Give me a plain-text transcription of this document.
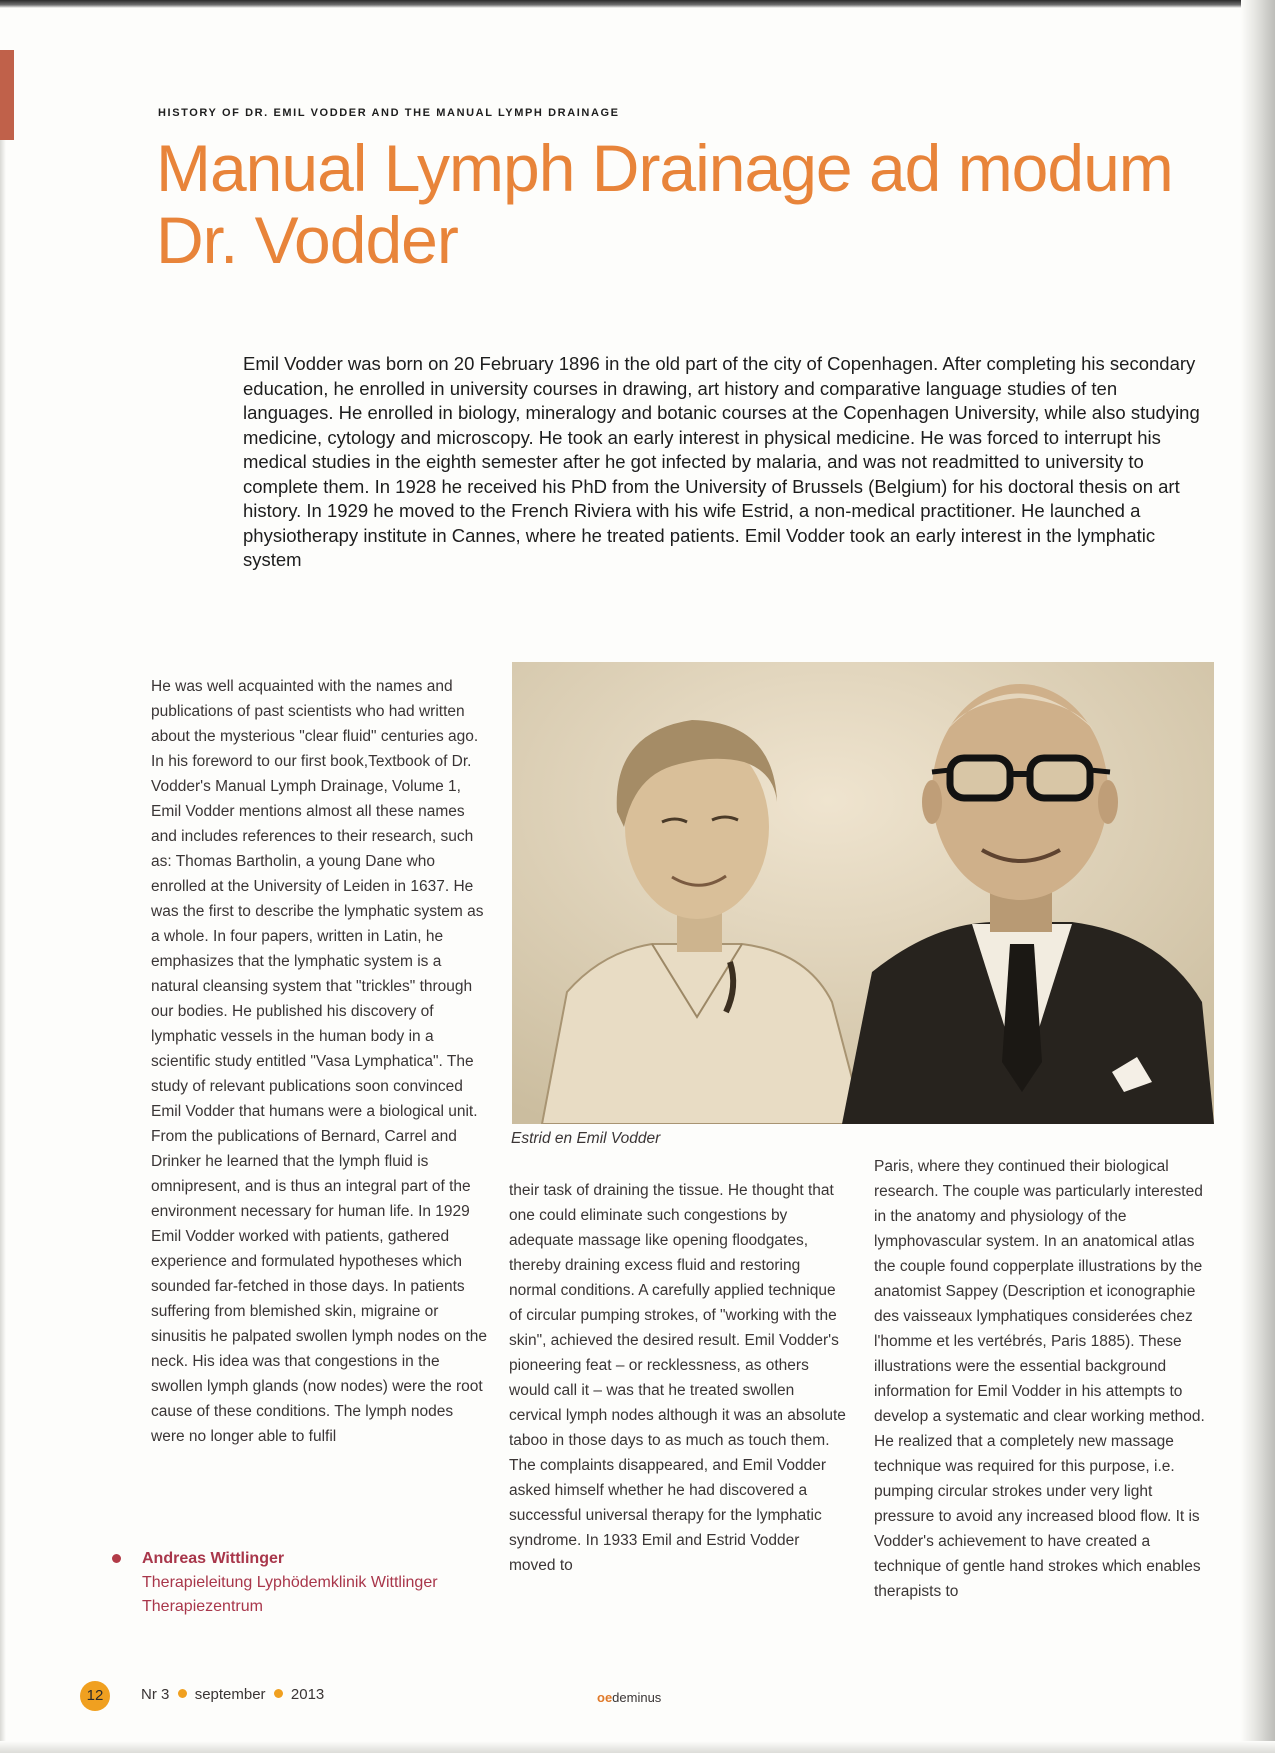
HISTORY OF DR. EMIL VODDER AND THE MANUAL LYMPH DRAINAGE
Manual Lymph Drainage ad modum Dr. Vodder

Emil Vodder was born on 20 February 1896 in the old part of the city of Copenhagen. After completing his secondary education, he enrolled in university courses in drawing, art history and comparative language studies of ten languages. He enrolled in biology, mineralogy and botanic courses at the Copenhagen University, while also studying medicine, cytology and microscopy. He took an early interest in physical medicine. He was forced to interrupt his medical studies in the eighth semester after he got infected by malaria, and was not readmitted to university to complete them. In 1928 he received his PhD from the University of Brussels (Belgium) for his doctoral thesis on art history. In 1929 he moved to the French Riviera with his wife Estrid, a non-medical practitioner. He launched a physiotherapy institute in Cannes, where he treated patients. Emil Vodder took an early interest in the lymphatic system

He was well acquainted with the names and publications of past scientists who had written about the mysterious "clear fluid" centuries ago. In his foreword to our first book,Textbook of Dr. Vodder's Manual Lymph Drainage, Volume 1, Emil Vodder mentions almost all these names and includes references to their research, such as: Thomas Bartholin, a young Dane who enrolled at the University of Leiden in 1637. He was the first to describe the lymphatic system as a whole. In four papers, written in Latin, he emphasizes that the lymphatic system is a natural cleansing system that "trickles" through our bodies. He published his discovery of lymphatic vessels in the human body in a scientific study entitled "Vasa Lymphatica". The study of relevant publications soon convinced Emil Vodder that humans were a biological unit. From the publications of Bernard, Carrel and Drinker he learned that the lymph fluid is omnipresent, and is thus an integral part of the environment necessary for human life. In 1929 Emil Vodder worked with patients, gathered experience and formulated hypotheses which sounded far-fetched in those days. In patients suffering from blemished skin, migraine or sinusitis he palpated swollen lymph nodes on the neck. His idea was that congestions in the swollen lymph glands (now nodes) were the root cause of these conditions. The lymph nodes were no longer able to fulfil

Estrid en Emil Vodder

their task of draining the tissue. He thought that one could eliminate such congestions by adequate massage like opening floodgates, thereby draining excess fluid and restoring normal conditions. A carefully applied technique of circular pumping strokes, of "working with the skin", achieved the desired result. Emil Vodder's pioneering feat – or recklessness, as others would call it – was that he treated swollen cervical lymph nodes although it was an absolute taboo in those days to as much as touch them. The complaints disappeared, and Emil Vodder asked himself whether he had discovered a successful universal therapy for the lymphatic syndrome. In 1933 Emil and Estrid Vodder moved to

Paris, where they continued their biological research. The couple was particularly interested in the anatomy and physiology of the lymphovascular system. In an anatomical atlas the couple found copperplate illustrations by the anatomist Sappey (Description et iconographie des vaisseaux lymphatiques considerées chez l'homme et les vertébrés, Paris 1885). These illustrations were the essential background information for Emil Vodder in his attempts to develop a systematic and clear working method. He realized that a completely new massage technique was required for this purpose, i.e. pumping circular strokes under very light pressure to avoid any increased blood flow. It is Vodder's achievement to have created a technique of gentle hand strokes which enables therapists to

Andreas Wittlinger
Therapieleitung Lyphödemklinik Wittlinger
Therapiezentrum
12	Nr 3 september 2013	oedeminus
